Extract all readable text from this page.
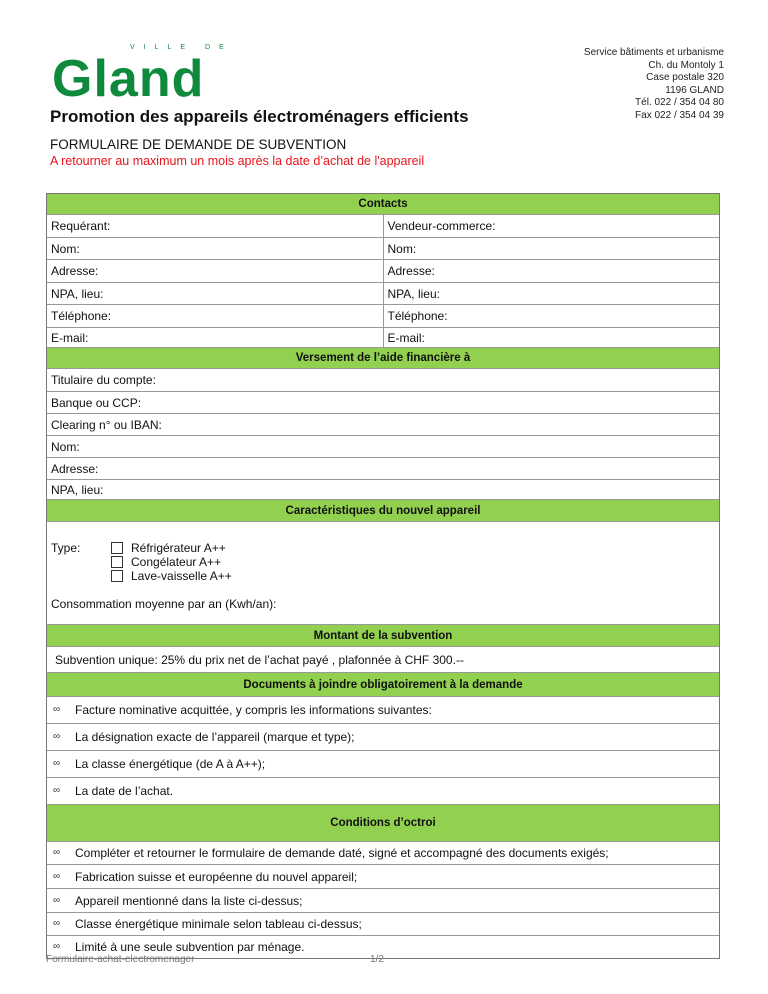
VILLE DE
Gland	Service bâtiments et urbanisme
Ch. du Montoly 1
Case postale 320
1196 GLAND
Tél. 022 / 354 04 80
Fax 022 / 354 04 39
Promotion des appareils électroménagers efficients
FORMULAIRE DE DEMANDE DE SUBVENTION
A retourner au maximum un mois après la date d’achat de l'appareil
Contacts
Requérant:	Vendeur-commerce:
Nom:	Nom:
Adresse:	Adresse:
NPA, lieu:	NPA, lieu:
Téléphone:	Téléphone:
E-mail:	E-mail:
Versement de l’aide financière à
Titulaire du compte:
Banque ou CCP:
Clearing n° ou IBAN:
Nom:
Adresse:
NPA, lieu:
Caractéristiques du nouvel appareil
Type:	Réfrigérateur A++
Congélateur A++
Lave-vaisselle A++
Consommation moyenne par an (Kwh/an):
Montant de la subvention
Subvention unique: 25% du prix net de l’achat payé , plafonnée à CHF 300.--
Documents à joindre obligatoirement à la demande
∞	Facture nominative acquittée, y compris les informations suivantes:
∞	La désignation exacte de l’appareil (marque et type);
∞	La classe énergétique (de A à A++);
∞	La date de l’achat.
Conditions d’octroi
∞	Compléter et retourner le formulaire de demande daté, signé et accompagné des documents exigés;
∞	Fabrication suisse et européenne du nouvel appareil;
∞	Appareil mentionné dans la liste ci-dessus;
∞	Classe énergétique minimale selon tableau ci-dessus;
∞	Limité à une seule subvention par ménage.
Formulaire-achat-electromenager	1/2
